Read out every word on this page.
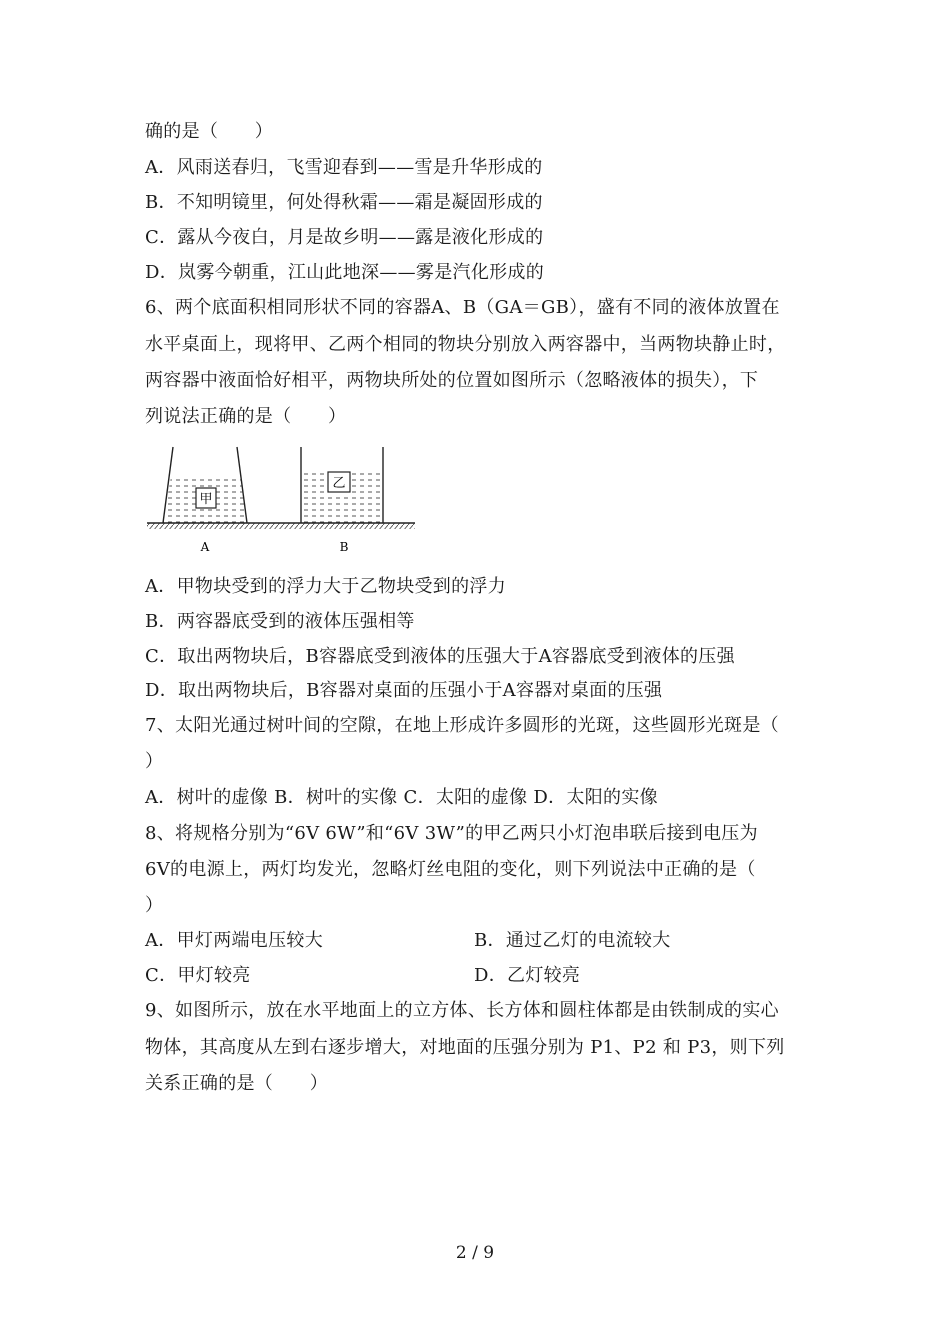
确的是（　　）
A．风雨送春归，飞雪迎春到——雪是升华形成的
B．不知明镜里，何处得秋霜——霜是凝固形成的
C．露从今夜白，月是故乡明——露是液化形成的
D．岚雾今朝重，江山此地深——雾是汽化形成的
6、两个底面积相同形状不同的容器A、B（GA＝GB），盛有不同的液体放置在
水平桌面上，现将甲、乙两个相同的物块分别放入两容器中，当两物块静止时，
两容器中液面恰好相平，两物块所处的位置如图所示（忽略液体的损失），下
列说法正确的是（　　）
甲
乙
A	B
A．甲物块受到的浮力大于乙物块受到的浮力
B．两容器底受到的液体压强相等
C．取出两物块后，B容器底受到液体的压强大于A容器底受到液体的压强
D．取出两物块后，B容器对桌面的压强小于A容器对桌面的压强
7、太阳光通过树叶间的空隙，在地上形成许多圆形的光斑，这些圆形光斑是（
）
A．树叶的虚像 B．树叶的实像 C．太阳的虚像 D．太阳的实像
8、将规格分别为“6V 6W”和“6V 3W”的甲乙两只小灯泡串联后接到电压为
6V的电源上，两灯均发光，忽略灯丝电阻的变化，则下列说法中正确的是（
）
A．甲灯两端电压较大	B．通过乙灯的电流较大
C．甲灯较亮	D．乙灯较亮
9、如图所示，放在水平地面上的立方体、长方体和圆柱体都是由铁制成的实心
物体，其高度从左到右逐步增大，对地面的压强分别为 P1、P2 和 P3，则下列
关系正确的是（　　）
2 / 9
